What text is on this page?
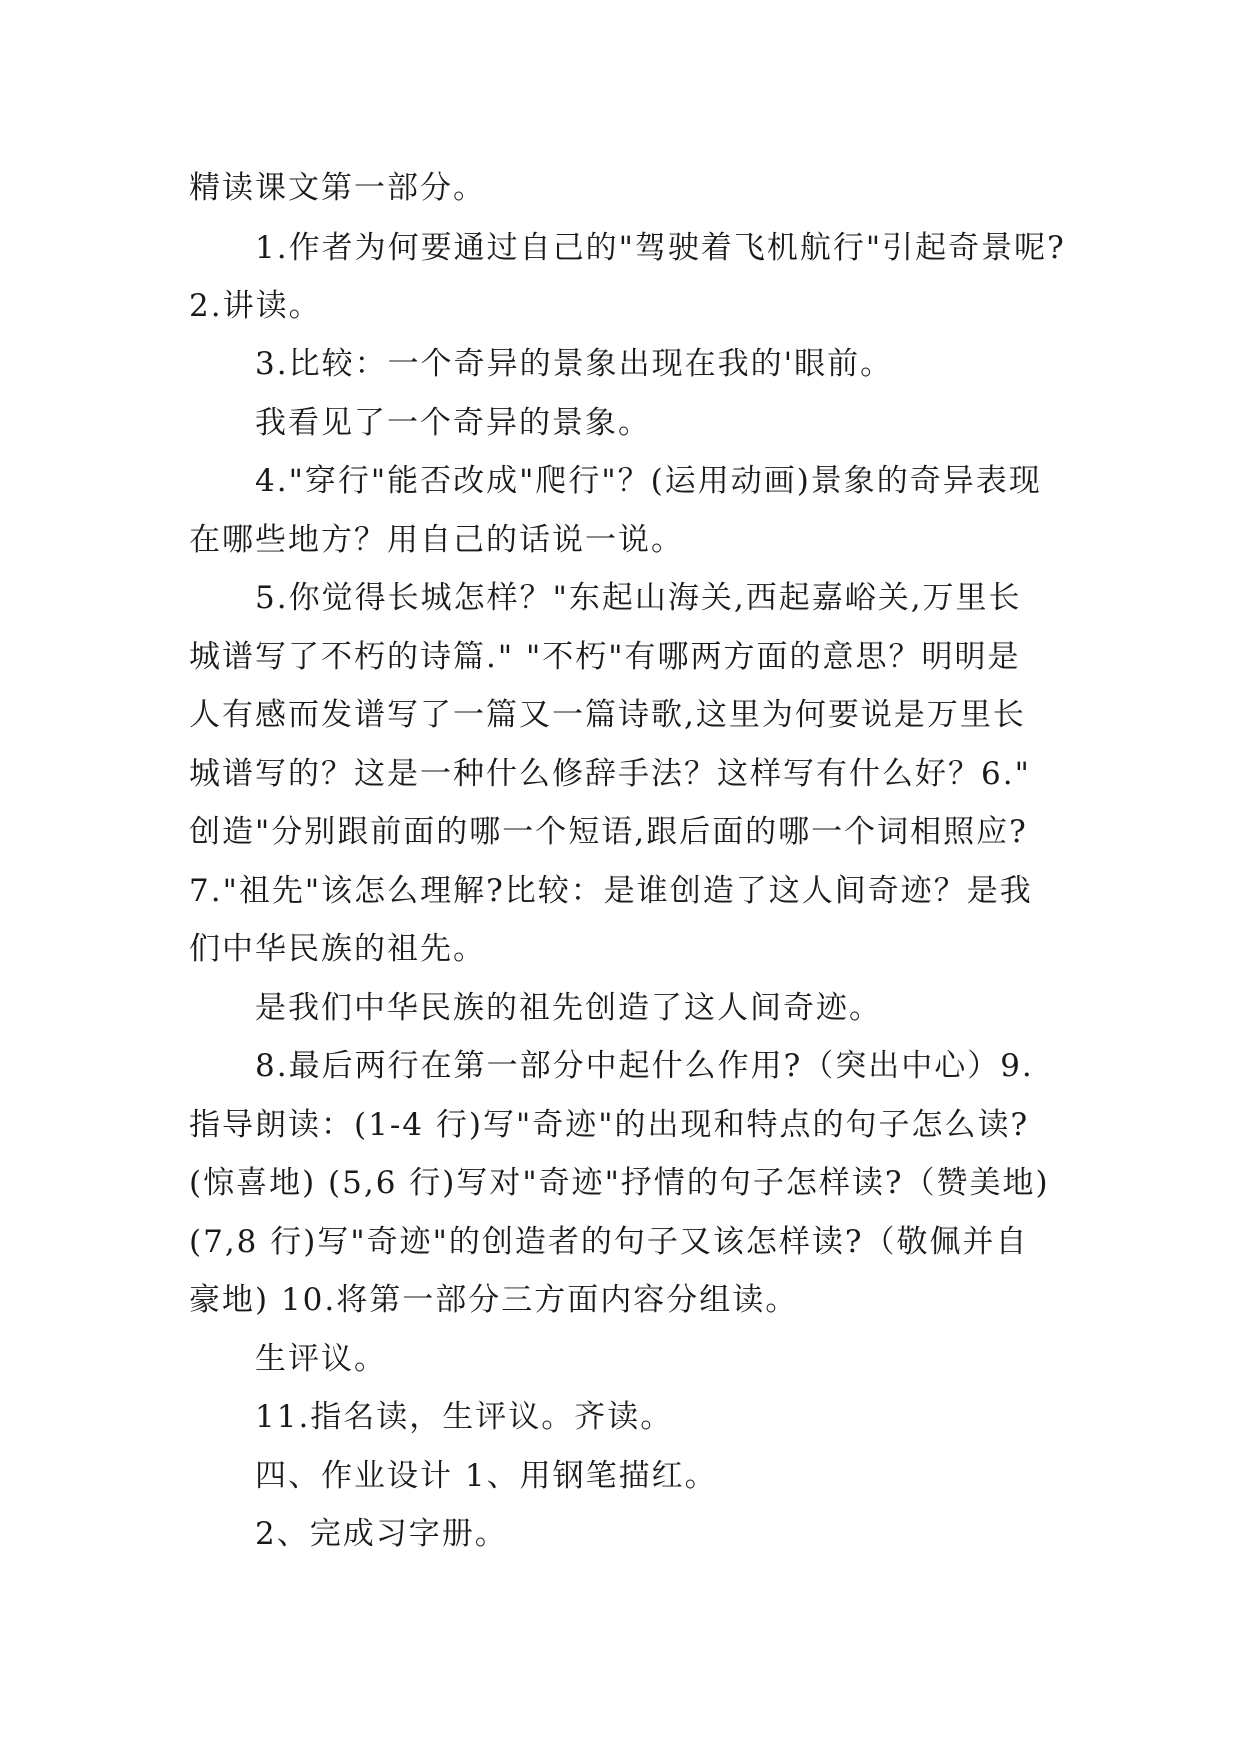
精读课文第一部分。
1.作者为何要通过自己的"驾驶着飞机航行"引起奇景呢?
2.讲读。
3.比较：一个奇异的景象出现在我的'眼前。
我看见了一个奇异的景象。
4."穿行"能否改成"爬行"？(运用动画)景象的奇异表现
在哪些地方？用自己的话说一说。
5.你觉得长城怎样？"东起山海关,西起嘉峪关,万里长
城谱写了不朽的诗篇." "不朽"有哪两方面的意思？明明是
人有感而发谱写了一篇又一篇诗歌,这里为何要说是万里长
城谱写的？这是一种什么修辞手法？这样写有什么好？6."
创造"分别跟前面的哪一个短语,跟后面的哪一个词相照应?
7."祖先"该怎么理解?比较：是谁创造了这人间奇迹？是我
们中华民族的祖先。
是我们中华民族的祖先创造了这人间奇迹。
8.最后两行在第一部分中起什么作用?（突出中心）9.
指导朗读：(1-4 行)写"奇迹"的出现和特点的句子怎么读?
(惊喜地) (5,6 行)写对"奇迹"抒情的句子怎样读?（赞美地)
(7,8 行)写"奇迹"的创造者的句子又该怎样读?（敬佩并自
豪地) 10.将第一部分三方面内容分组读。
生评议。
11.指名读，生评议。齐读。
四、作业设计 1、用钢笔描红。
2、完成习字册。
